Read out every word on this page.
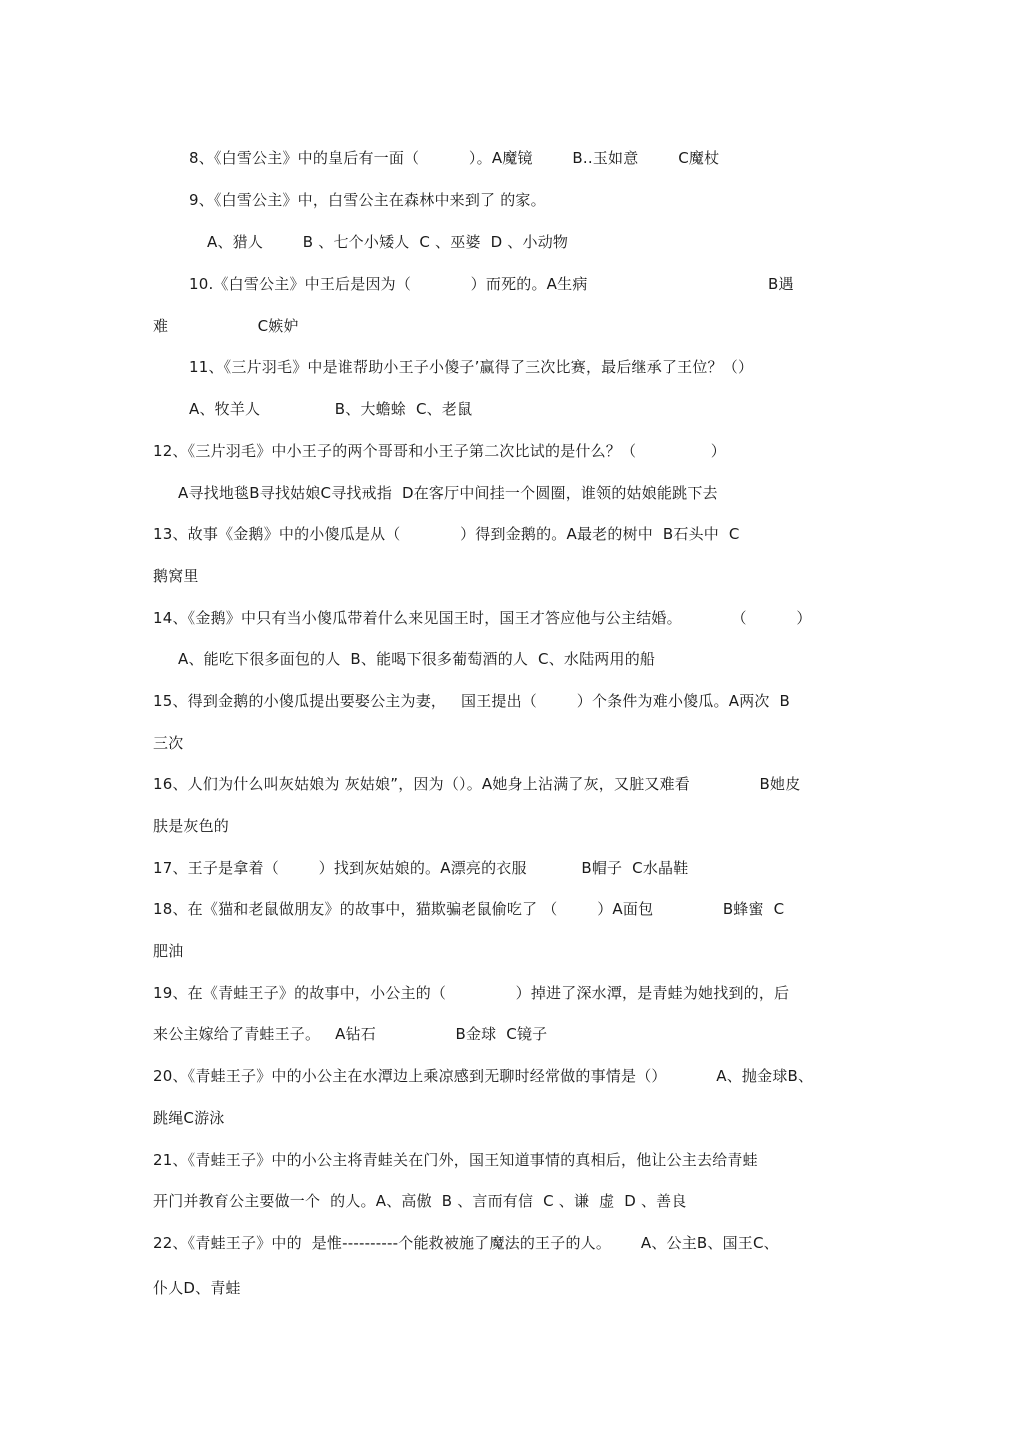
8、《白雪公主》中的皇后有一面（          ）。A魔镜        B..玉如意        C魔杖
9、《白雪公主》中，白雪公主在森林中来到了 的家。
A、猎人        B 、七个小矮人  C 、巫婆  D 、小动物
10.《白雪公主》中王后是因为（            ）而死的。A生病	B遇
难                  C嫉妒
11、《三片羽毛》中是谁帮助小王子小傻子’赢得了三次比赛，最后继承了王位？（）
A、牧羊人               B、大蟾蜍  C、老鼠
12、《三片羽毛》中小王子的两个哥哥和小王子第二次比试的是什么？（               ）
A寻找地毯B寻找姑娘C寻找戒指  D在客厅中间挂一个圆圈，谁领的姑娘能跳下去
13、故事《金鹅》中的小傻瓜是从（            ）得到金鹅的。A最老的树中  B石头中  C
鹅窝里
14、《金鹅》中只有当小傻瓜带着什么来见国王时，国王才答应他与公主结婚。          （          ）
A、能吃下很多面包的人  B、能喝下很多葡萄酒的人  C、水陆两用的船
15、得到金鹅的小傻瓜提出要娶公主为妻，   国王提出（        ）个条件为难小傻瓜。A两次  B
三次
16、人们为什么叫灰姑娘为 灰姑娘”，因为（）。A她身上沾满了灰，又脏又难看              B她皮
肤是灰色的
17、王子是拿着（        ）找到灰姑娘的。A漂亮的衣服           B帽子  C水晶鞋
18、在《猫和老鼠做朋友》的故事中，猫欺骗老鼠偷吃了 （        ）A面包              B蜂蜜  C
肥油
19、在《青蛙王子》的故事中，小公主的（              ）掉进了深水潭，是青蛙为她找到的，后
来公主嫁给了青蛙王子。   A钻石                B金球  C镜子
20、《青蛙王子》中的小公主在水潭边上乘凉感到无聊时经常做的事情是（）          A、抛金球B、
跳绳C游泳
21、《青蛙王子》中的小公主将青蛙关在门外，国王知道事情的真相后，他让公主去给青蛙
开门并教育公主要做一个  的人。A、高傲  B 、言而有信  C 、谦  虚  D 、善良
22、《青蛙王子》中的  是惟----------个能救被施了魔法的王子的人。      A、公主B、国王C、
仆人D、青蛙
